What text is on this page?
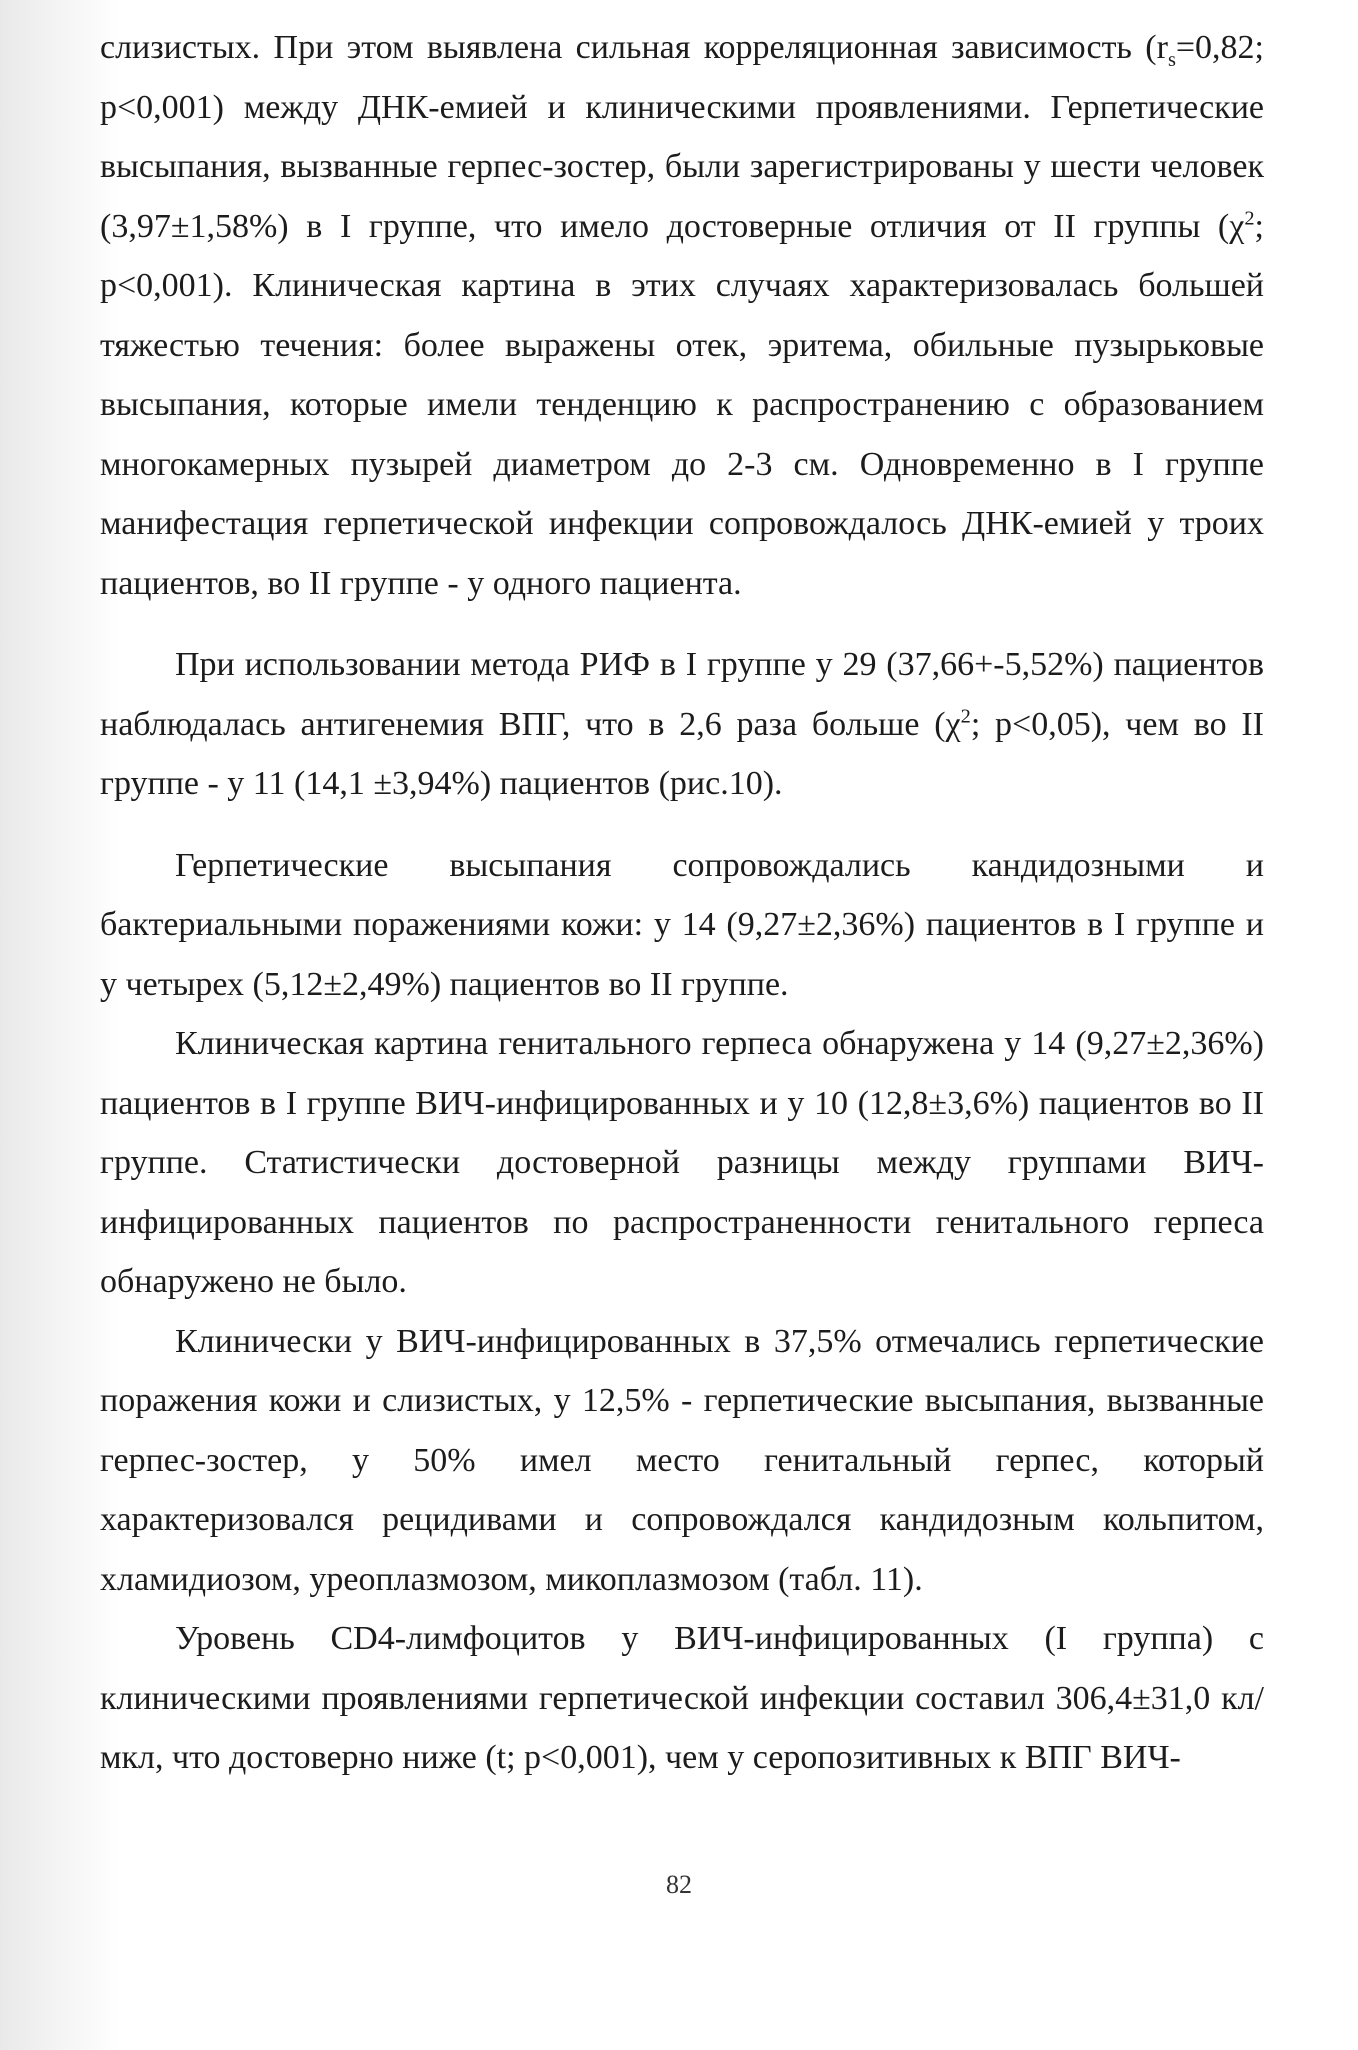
слизистых. При этом выявлена сильная корреляционная зависимость ($r_s=0,82$; р<0,001) между ДНК-емией и клиническими проявлениями. Герпетические высыпания, вызванные герпес-зостер, были зарегистрированы у шести человек (3,97±1,58%) в I группе, что имело достоверные отличия от II группы ($\chi^2$; р<0,001). Клиническая картина в этих случаях характеризовалась большей тяжестью течения: более выражены отек, эритема, обильные пузырьковые высыпания, которые имели тенденцию к распространению с образованием многокамерных пузырей диаметром до 2-3 см. Одновременно в I группе манифестация герпетической инфекции сопровождалось ДНК-емией у троих пациентов, во II группе - у одного пациента.

При использовании метода РИФ в I группе у 29 (37,66+-5,52%) пациентов наблюдалась антигенемия ВПГ, что в 2,6 раза больше ($\chi^2$; р<0,05), чем во II группе - у 11 (14,1 ±3,94%) пациентов (рис.10).

Герпетические высыпания сопровождались кандидозными и бактериальными поражениями кожи: у 14 (9,27±2,36%) пациентов в I группе и у четырех (5,12±2,49%) пациентов во II группе.

Клиническая картина генитального герпеса обнаружена у 14 (9,27±2,36%) пациентов в I группе ВИЧ-инфицированных и у 10 (12,8±3,6%) пациентов во II группе. Статистически достоверной разницы между группами ВИЧ-инфицированных пациентов по распространенности генитального герпеса обнаружено не было.

Клинически у ВИЧ-инфицированных в 37,5% отмечались герпетические поражения кожи и слизистых, у 12,5% - герпетические высыпания, вызванные герпес-зостер, у 50% имел место генитальный герпес, который характеризовался рецидивами и сопровождался кандидозным кольпитом, хламидиозом, уреоплазмозом, микоплазмозом (табл. 11).

Уровень CD4-лимфоцитов у ВИЧ-инфицированных (I группа) с клиническими проявлениями герпетической инфекции составил 306,4±31,0 кл/мкл, что достоверно ниже (t; р<0,001), чем у серопозитивных к ВПГ ВИЧ-

82
